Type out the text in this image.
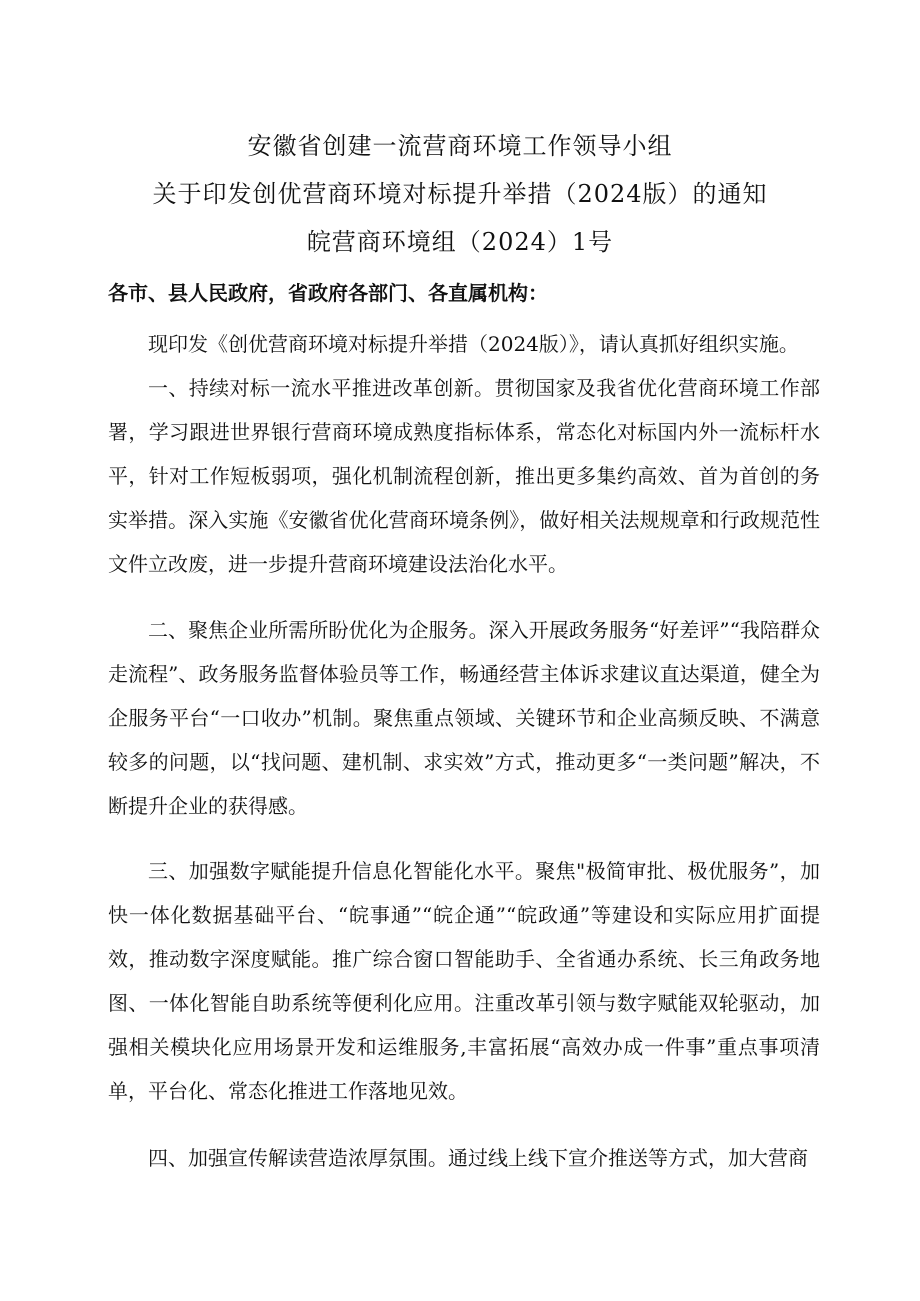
安徽省创建一流营商环境工作领导小组
关于印发创优营商环境对标提升举措（2024版）的通知
皖营商环境组（2024）1号
各市、县人民政府，省政府各部门、各直属机构：

现印发《创优营商环境对标提升举措（2024版）》，请认真抓好组织实施。

一、持续对标一流水平推进改革创新。贯彻国家及我省优化营商环境工作部署，学习跟进世界银行营商环境成熟度指标体系，常态化对标国内外一流标杆水平，针对工作短板弱项，强化机制流程创新，推出更多集约高效、首为首创的务实举措。深入实施《安徽省优化营商环境条例》，做好相关法规规章和行政规范性文件立改废，进一步提升营商环境建设法治化水平。

二、聚焦企业所需所盼优化为企服务。深入开展政务服务“好差评”“我陪群众走流程”、政务服务监督体验员等工作，畅通经营主体诉求建议直达渠道，健全为企服务平台“一口收办”机制。聚焦重点领域、关键环节和企业高频反映、不满意较多的问题，以“找问题、建机制、求实效”方式，推动更多“一类问题”解决，不断提升企业的获得感。

三、加强数字赋能提升信息化智能化水平。聚焦"极简审批、极优服务”，加快一体化数据基础平台、“皖事通”“皖企通”“皖政通”等建设和实际应用扩面提效，推动数字深度赋能。推广综合窗口智能助手、全省通办系统、长三角政务地图、一体化智能自助系统等便利化应用。注重改革引领与数字赋能双轮驱动，加强相关模块化应用场景开发和运维服务,丰富拓展“高效办成一件事”重点事项清单，平台化、常态化推进工作落地见效。

四、加强宣传解读营造浓厚氛围。通过线上线下宣介推送等方式，加大营商
